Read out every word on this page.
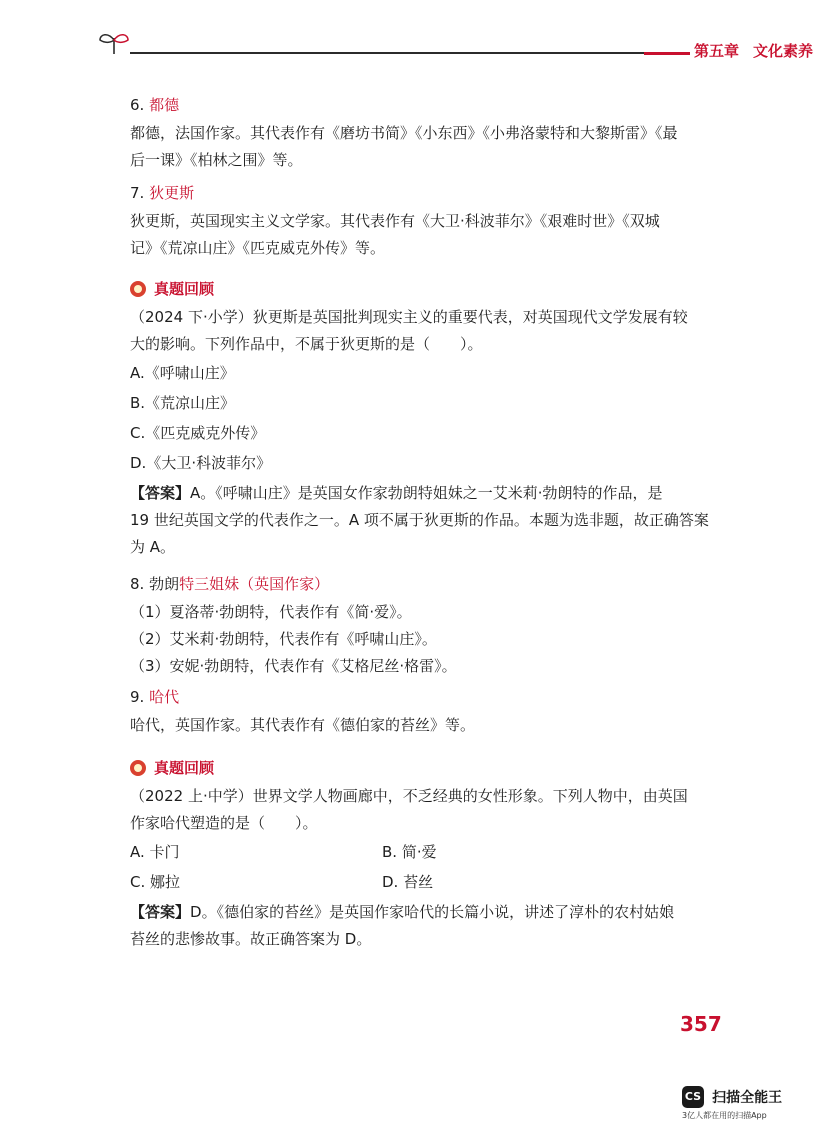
第五章 文化素养
6. 都德
都德，法国作家。其代表作有《磨坊书简》《小东西》《小弗洛蒙特和大黎斯雷》《最
后一课》《柏林之围》等。
7. 狄更斯
狄更斯，英国现实主义文学家。其代表作有《大卫·科波菲尔》《艰难时世》《双城
记》《荒凉山庄》《匹克威克外传》等。
真题回顾
（2024 下·小学）狄更斯是英国批判现实主义的重要代表，对英国现代文学发展有较
大的影响。下列作品中，不属于狄更斯的是（　　）。
A.《呼啸山庄》
B.《荒凉山庄》
C.《匹克威克外传》
D.《大卫·科波菲尔》
【答案】A。《呼啸山庄》是英国女作家勃朗特姐妹之一艾米莉·勃朗特的作品，是
19 世纪英国文学的代表作之一。A 项不属于狄更斯的作品。本题为选非题，故正确答案
为 A。
8. 勃朗特三姐妹（英国作家）
（1）夏洛蒂·勃朗特，代表作有《简·爱》。
（2）艾米莉·勃朗特，代表作有《呼啸山庄》。
（3）安妮·勃朗特，代表作有《艾格尼丝·格雷》。
9. 哈代
哈代，英国作家。其代表作有《德伯家的苔丝》等。
真题回顾
（2022 上·中学）世界文学人物画廊中，不乏经典的女性形象。下列人物中，由英国
作家哈代塑造的是（　　）。
A. 卡门	B. 简·爱
C. 娜拉	D. 苔丝
【答案】D。《德伯家的苔丝》是英国作家哈代的长篇小说，讲述了淳朴的农村姑娘
苔丝的悲惨故事。故正确答案为 D。
357
CS 扫描全能王
3亿人都在用的扫描App
